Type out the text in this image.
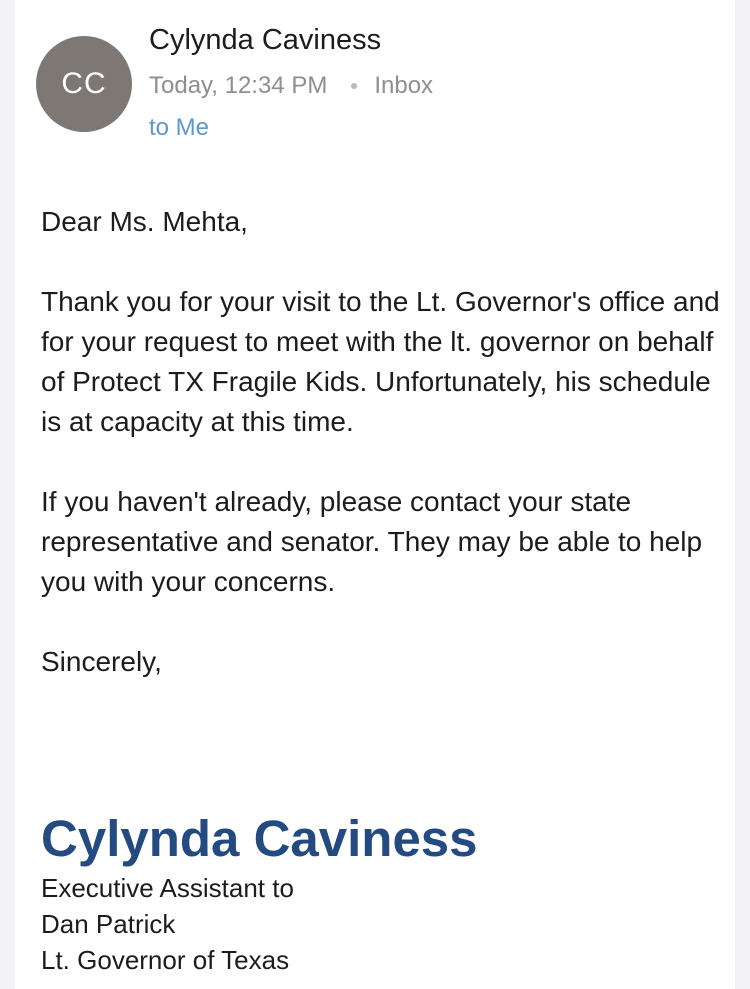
CC
Cylynda Caviness
Today, 12:34 PM Inbox
to Me

Dear Ms. Mehta,

Thank you for your visit to the Lt. Governor's office and for your request to meet with the lt. governor on behalf of Protect TX Fragile Kids. Unfortunately, his schedule is at capacity at this time.

If you haven't already, please contact your state representative and senator. They may be able to help you with your concerns.

Sincerely,

Cylynda Caviness
Executive Assistant to
Dan Patrick
Lt. Governor of Texas
